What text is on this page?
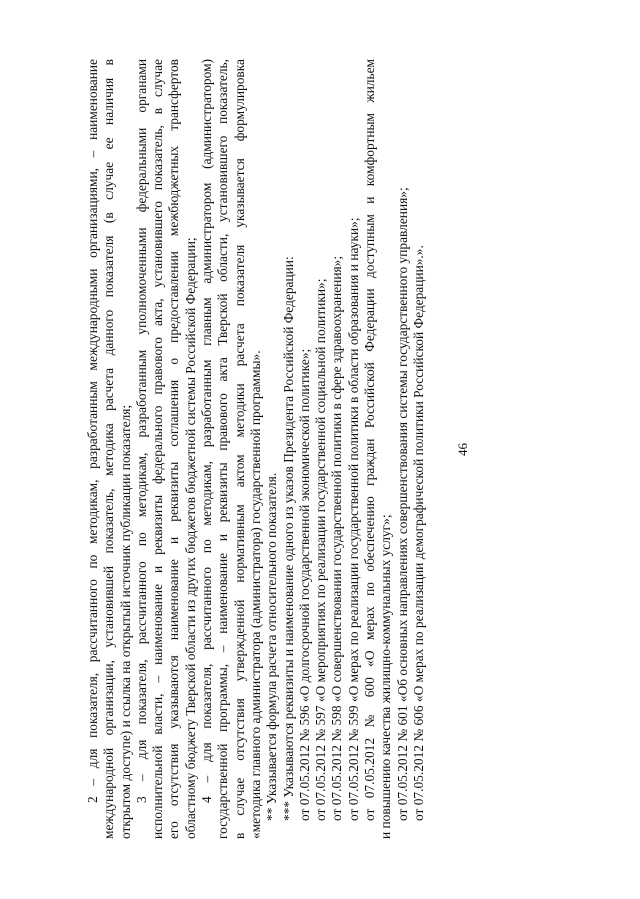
46
2 – для показателя, рассчитанного по методикам, разработанным международными организациями, – наименование международной организации, установившей показатель, методика расчета данного показателя (в случае ее наличия в открытом доступе) и ссылка на открытый источник публикации показателя; 3 – для показателя, рассчитанного по методикам, разработанным уполномоченными федеральными органами исполнительной власти, – наименование и реквизиты федерального правового акта, установившего показатель, в случае его отсутствия указываются наименование и реквизиты соглашения о предоставлении межбюджетных трансфертов областному бюджету Тверской области из других бюджетов бюджетной системы Российской Федерации; 4 – для показателя, рассчитанного по методикам, разработанным главным администратором (администратором) государственной программы, – наименование и реквизиты правового акта Тверской области, установившего показатель, в случае отсутствия утвержденной нормативным актом методики расчета показателя указывается формулировка «методика главного администратора (администратора) государственной программы». ** Указывается формула расчета относительного показателя. *** Указываются реквизиты и наименование одного из указов Президента Российской Федерации: от 07.05.2012 № 596 «О долгосрочной государственной экономической политике»; от 07.05.2012 № 597 «О мероприятиях по реализации государственной социальной политики»; от 07.05.2012 № 598 «О совершенствовании государственной политики в сфере здравоохранения»; от 07.05.2012 № 599 «О мерах по реализации государственной политики в области образования и науки»; от 07.05.2012 № 600 «О мерах по обеспечению граждан Российской Федерации доступным и комфортным жильем и повышению качества жилищно-коммунальных услуг»; от 07.05.2012 № 601 «Об основных направлениях совершенствования системы государственного управления»; от 07.05.2012 № 606 «О мерах по реализации демографической политики Российской Федерации».».
